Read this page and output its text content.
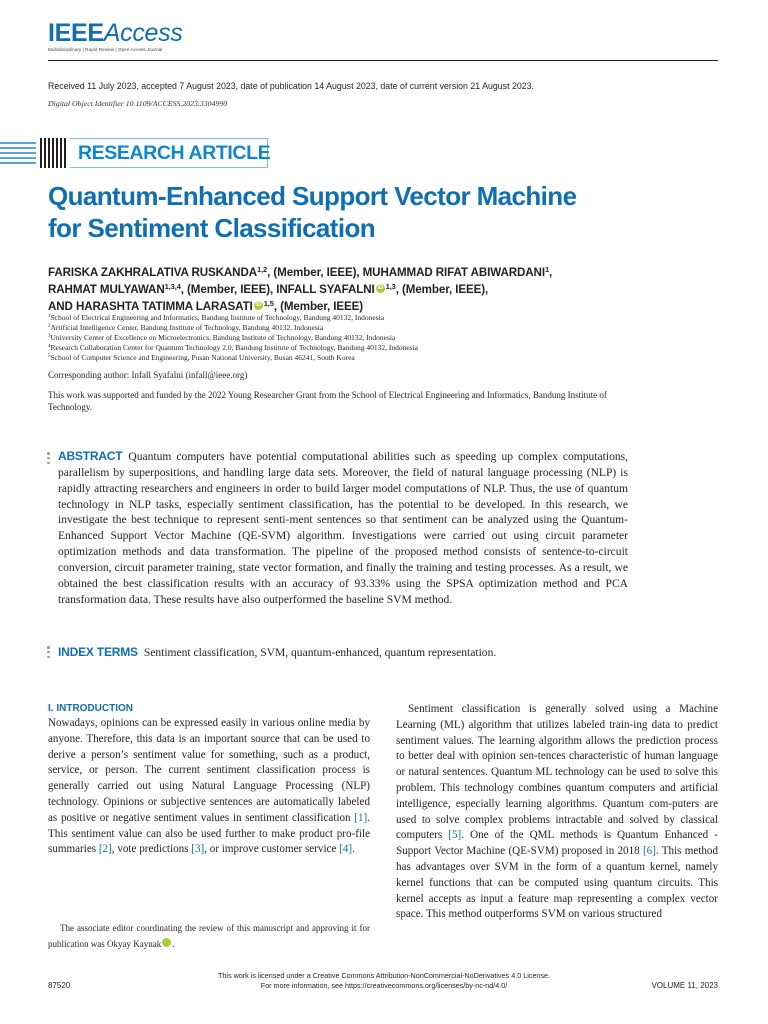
IEEEAccess
Multidisciplinary | Rapid Review | Open Access Journal
Received 11 July 2023, accepted 7 August 2023, date of publication 14 August 2023, date of current version 21 August 2023.
Digital Object Identifier 10.1109/ACCESS.2023.3304990
RESEARCH ARTICLE
Quantum-Enhanced Support Vector Machine
for Sentiment Classification
FARISKA ZAKHRALATIVA RUSKANDA$^{1,2}$, (Member, IEEE), MUHAMMAD RIFAT ABIWARDANI$^1$,
RAHMAT MULYAWAN$^{1,3,4}$, (Member, IEEE), INFALL SYAFALNI iD $^{1,3}$, (Member, IEEE),
AND HARASHTA TATIMMA LARASATI iD $^{1,5}$, (Member, IEEE)
$^1$School of Electrical Engineering and Informatics, Bandung Institute of Technology, Bandung 40132, Indonesia
$^2$Artificial Intelligence Center, Bandung Institute of Technology, Bandung 40132, Indonesia
$^3$University Center of Excellence on Microelectronics, Bandung Institute of Technology, Bandung 40132, Indonesia
$^4$Research Collaboration Center for Quantum Technology 2.0, Bandung Institute of Technology, Bandung 40132, Indonesia
$^5$School of Computer Science and Engineering, Pusan National University, Busan 46241, South Korea
Corresponding author: Infall Syafalni (infall@ieee.org)
This work was supported and funded by the 2022 Young Researcher Grant from the School of Electrical Engineering and Informatics, Bandung Institute of Technology.
ABSTRACT Quantum computers have potential computational abilities such as speeding up complex computations, parallelism by superpositions, and handling large data sets. Moreover, the field of natural language processing (NLP) is rapidly attracting researchers and engineers in order to build larger model computations of NLP. Thus, the use of quantum technology in NLP tasks, especially sentiment classification, has the potential to be developed. In this research, we investigate the best technique to represent senti-ment sentences so that sentiment can be analyzed using the Quantum-Enhanced Support Vector Machine (QE-SVM) algorithm. Investigations were carried out using circuit parameter optimization methods and data transformation. The pipeline of the proposed method consists of sentence-to-circuit conversion, circuit parameter training, state vector formation, and finally the training and testing processes. As a result, we obtained the best classification results with an accuracy of 93.33% using the SPSA optimization method and PCA transformation data. These results have also outperformed the baseline SVM method.
INDEX TERMS Sentiment classification, SVM, quantum-enhanced, quantum representation.
I. INTRODUCTION

Nowadays, opinions can be expressed easily in various online media by anyone. Therefore, this data is an important source that can be used to derive a person’s sentiment value for something, such as a product, service, or person. The current sentiment classification process is generally carried out using Natural Language Processing (NLP) technology. Opinions or subjective sentences are automatically labeled as positive or negative sentiment values in sentiment classification [1]. This sentiment value can also be used further to make product pro-file summaries [2], vote predictions [3], or improve customer service [4].

The associate editor coordinating the review of this manuscript and approving it for publication was Okyay Kaynak iD.

Sentiment classification is generally solved using a Machine Learning (ML) algorithm that utilizes labeled train-ing data to predict sentiment values. The learning algorithm allows the prediction process to better deal with opinion sen-tences characteristic of human language or natural sentences. Quantum ML technology can be used to solve this problem. This technology combines quantum computers and artificial intelligence, especially learning algorithms. Quantum com-puters are used to solve complex problems intractable and solved by classical computers [5]. One of the QML methods is Quantum Enhanced - Support Vector Machine (QE-SVM) proposed in 2018 [6]. This method has advantages over SVM in the form of a quantum kernel, namely kernel functions that can be computed using quantum circuits. This kernel accepts as input a feature map representing a complex vector space. This method outperforms SVM on various structured

This work is licensed under a Creative Commons Attribution-NonCommercial-NoDerivatives 4.0 License.
For more information, see https://creativecommons.org/licenses/by-nc-nd/4.0/
87520	VOLUME 11, 2023
